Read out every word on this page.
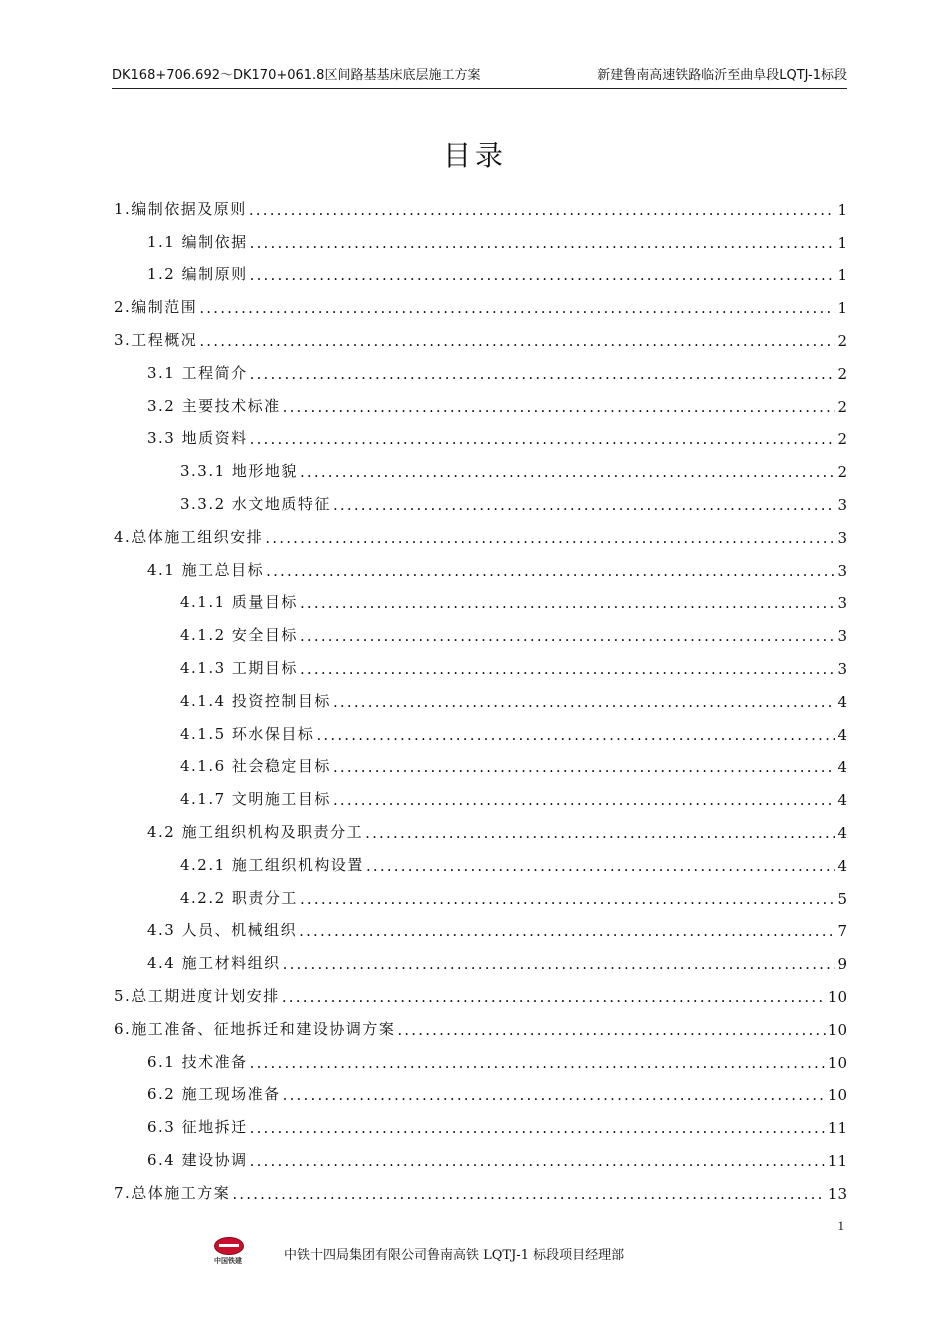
DK168+706.692～DK170+061.8区间路基基床底层施工方案	新建鲁南高速铁路临沂至曲阜段LQTJ-1标段
目录
1.编制依据及原则 .....	1
1.1 编制依据 .....	1
1.2 编制原则 .....	1
2.编制范围 .....	1
3.工程概况 .....	2
3.1 工程简介 .....	2
3.2 主要技术标准 .....	2
3.3 地质资料 .....	2
3.3.1 地形地貌 .....	2
3.3.2 水文地质特征 .....	3
4.总体施工组织安排 .....	3
4.1 施工总目标 .....	3
4.1.1 质量目标 .....	3
4.1.2 安全目标 .....	3
4.1.3 工期目标 .....	3
4.1.4 投资控制目标 .....	4
4.1.5 环水保目标 .....	4
4.1.6 社会稳定目标 .....	4
4.1.7 文明施工目标 .....	4
4.2 施工组织机构及职责分工 .....	4
4.2.1 施工组织机构设置 .....	4
4.2.2 职责分工 .....	5
4.3 人员、机械组织 .....	7
4.4 施工材料组织 .....	9
5.总工期进度计划安排 .....	10
6.施工准备、征地拆迁和建设协调方案 .....	10
6.1 技术准备 .....	10
6.2 施工现场准备 .....	10
6.3 征地拆迁 .....	11
6.4 建设协调 .....	11
7.总体施工方案 .....	13
1
中国铁建	中铁十四局集团有限公司鲁南高铁 LQTJ-1 标段项目经理部
